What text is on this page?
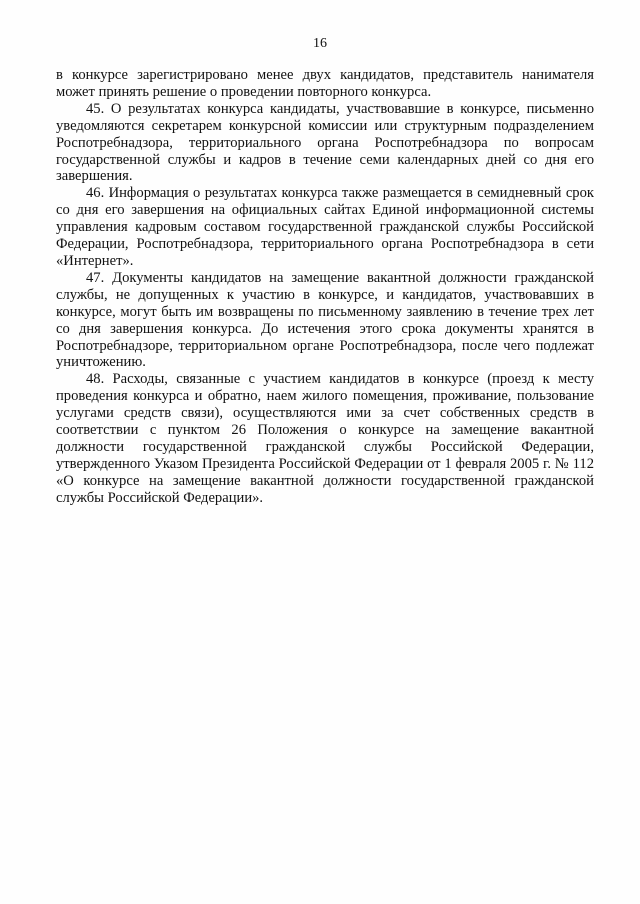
16

в конкурсе зарегистрировано менее двух кандидатов, представитель нанимателя может принять решение о проведении повторного конкурса.

45. О результатах конкурса кандидаты, участвовавшие в конкурсе, письменно уведомляются секретарем конкурсной комиссии или структурным подразделением Роспотребнадзора, территориального органа Роспотребнадзора по вопросам государственной службы и кадров в течение семи календарных дней со дня его завершения.

46. Информация о результатах конкурса также размещается в семидневный срок со дня его завершения на официальных сайтах Единой информационной системы управления кадровым составом государственной гражданской службы Российской Федерации, Роспотребнадзора, территориального органа Роспотребнадзора в сети «Интернет».

47. Документы кандидатов на замещение вакантной должности гражданской службы, не допущенных к участию в конкурсе, и кандидатов, участвовавших в конкурсе, могут быть им возвращены по письменному заявлению в течение трех лет со дня завершения конкурса. До истечения этого срока документы хранятся в Роспотребнадзоре, территориальном органе Роспотребнадзора, после чего подлежат уничтожению.

48. Расходы, связанные с участием кандидатов в конкурсе (проезд к месту проведения конкурса и обратно, наем жилого помещения, проживание, пользование услугами средств связи), осуществляются ими за счет собственных средств в соответствии с пунктом 26 Положения о конкурсе на замещение вакантной должности государственной гражданской службы Российской Федерации, утвержденного Указом Президента Российской Федерации от 1 февраля 2005 г. № 112 «О конкурсе на замещение вакантной должности государственной гражданской службы Российской Федерации».
